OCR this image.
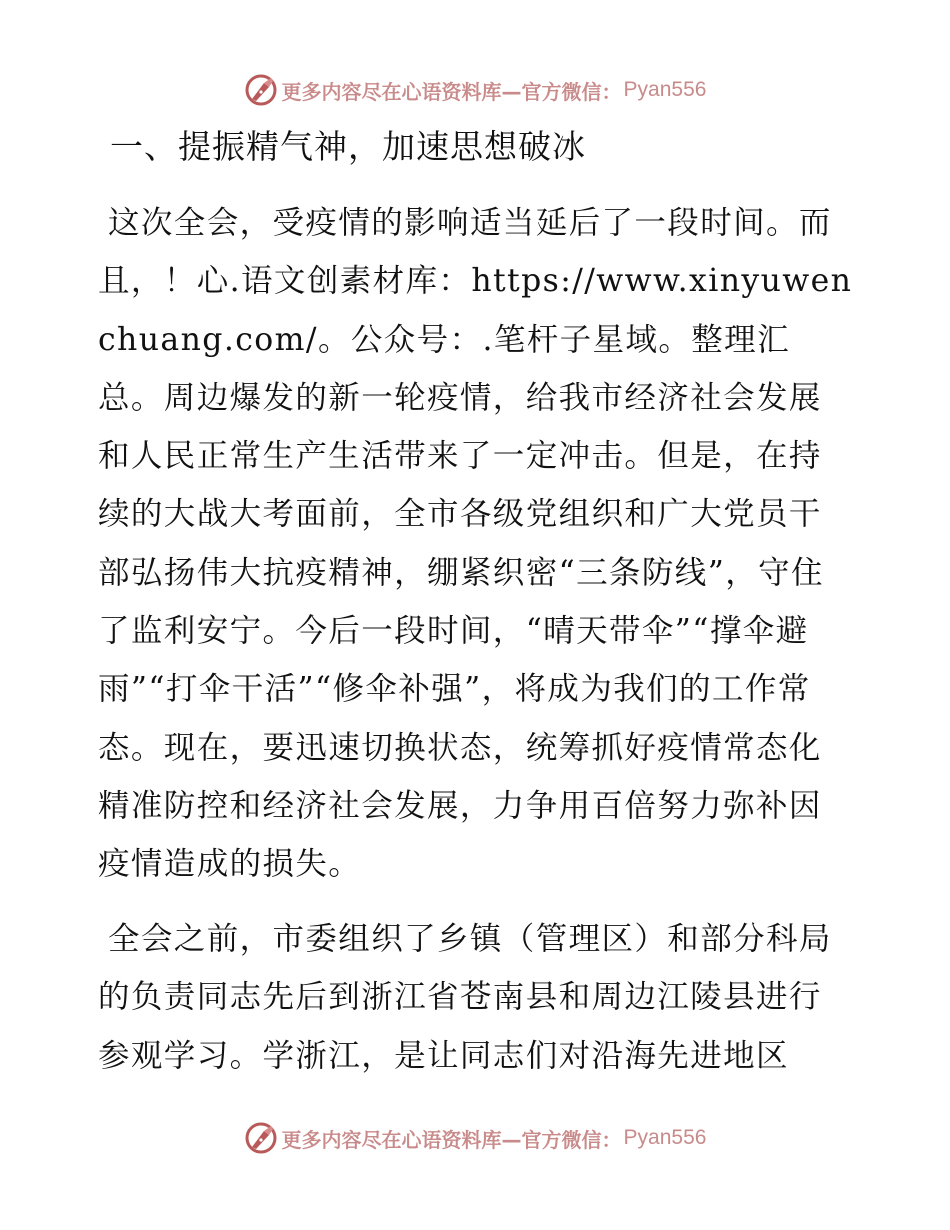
更多内容尽在心语资料库—官方微信： Pyan556
一、提振精气神，加速思想破冰

这次全会，受疫情的影响适当延后了一段时间。而且，！心.语文创素材库：https://www.xinyuwenchuang.com/。公众号：.笔杆子星域。整理汇总。周边爆发的新一轮疫情，给我市经济社会发展和人民正常生产生活带来了一定冲击。但是，在持续的大战大考面前，全市各级党组织和广大党员干部弘扬伟大抗疫精神，绷紧织密“三条防线”，守住了监利安宁。今后一段时间，“晴天带伞”“撑伞避雨”“打伞干活”“修伞补强”，将成为我们的工作常态。现在，要迅速切换状态，统筹抓好疫情常态化精准防控和经济社会发展，力争用百倍努力弥补因疫情造成的损失。

全会之前，市委组织了乡镇（管理区）和部分科局的负责同志先后到浙江省苍南县和周边江陵县进行参观学习。学浙江，是让同志们对沿海先进地区

更多内容尽在心语资料库—官方微信： Pyan556
